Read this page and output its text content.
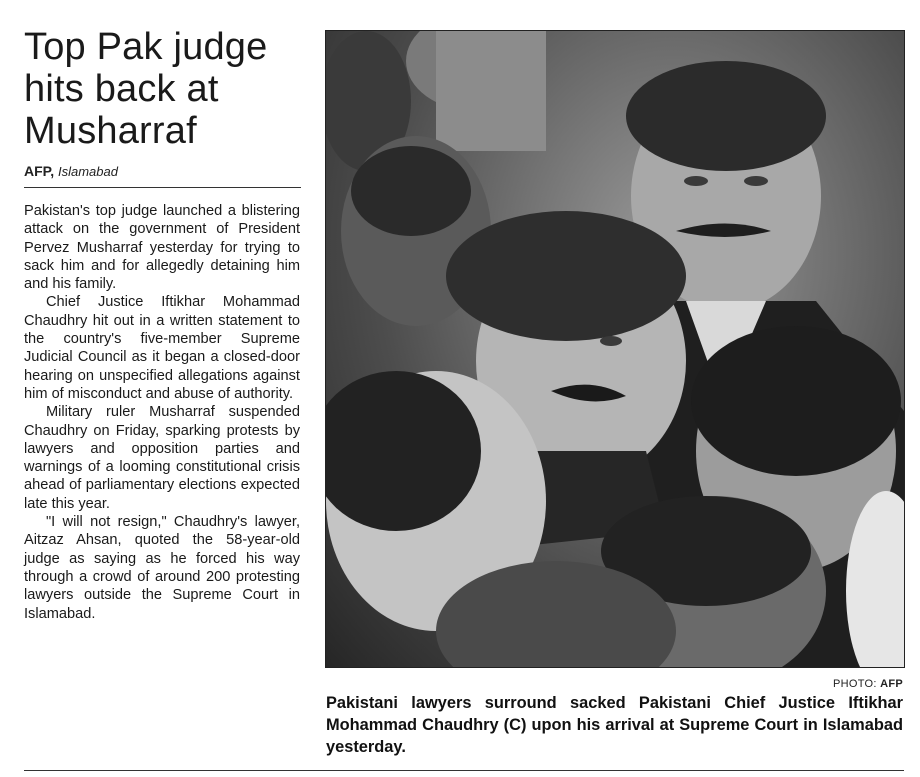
Top Pak judge hits back at Musharraf
AFP, Islamabad

Pakistan's top judge launched a blistering attack on the government of President Pervez Musharraf yesterday for trying to sack him and for allegedly detaining him and his family.

Chief Justice Iftikhar Mohammad Chaudhry hit out in a written statement to the country's five-member Supreme Judicial Council as it began a closed-door hearing on unspecified allegations against him of misconduct and abuse of authority.

Military ruler Musharraf suspended Chaudhry on Friday, sparking protests by lawyers and opposition parties and warnings of a looming constitutional crisis ahead of parliamentary elections expected late this year.

"I will not resign," Chaudhry's lawyer, Aitzaz Ahsan, quoted the 58-year-old judge as saying as he forced his way through a crowd of around 200 protesting lawyers outside the Supreme Court in Islamabad.

PHOTO: AFP

Pakistani lawyers surround sacked Pakistani Chief Justice Iftikhar Mohammad Chaudhry (C) upon his arrival at Supreme Court in Islamabad yesterday.
